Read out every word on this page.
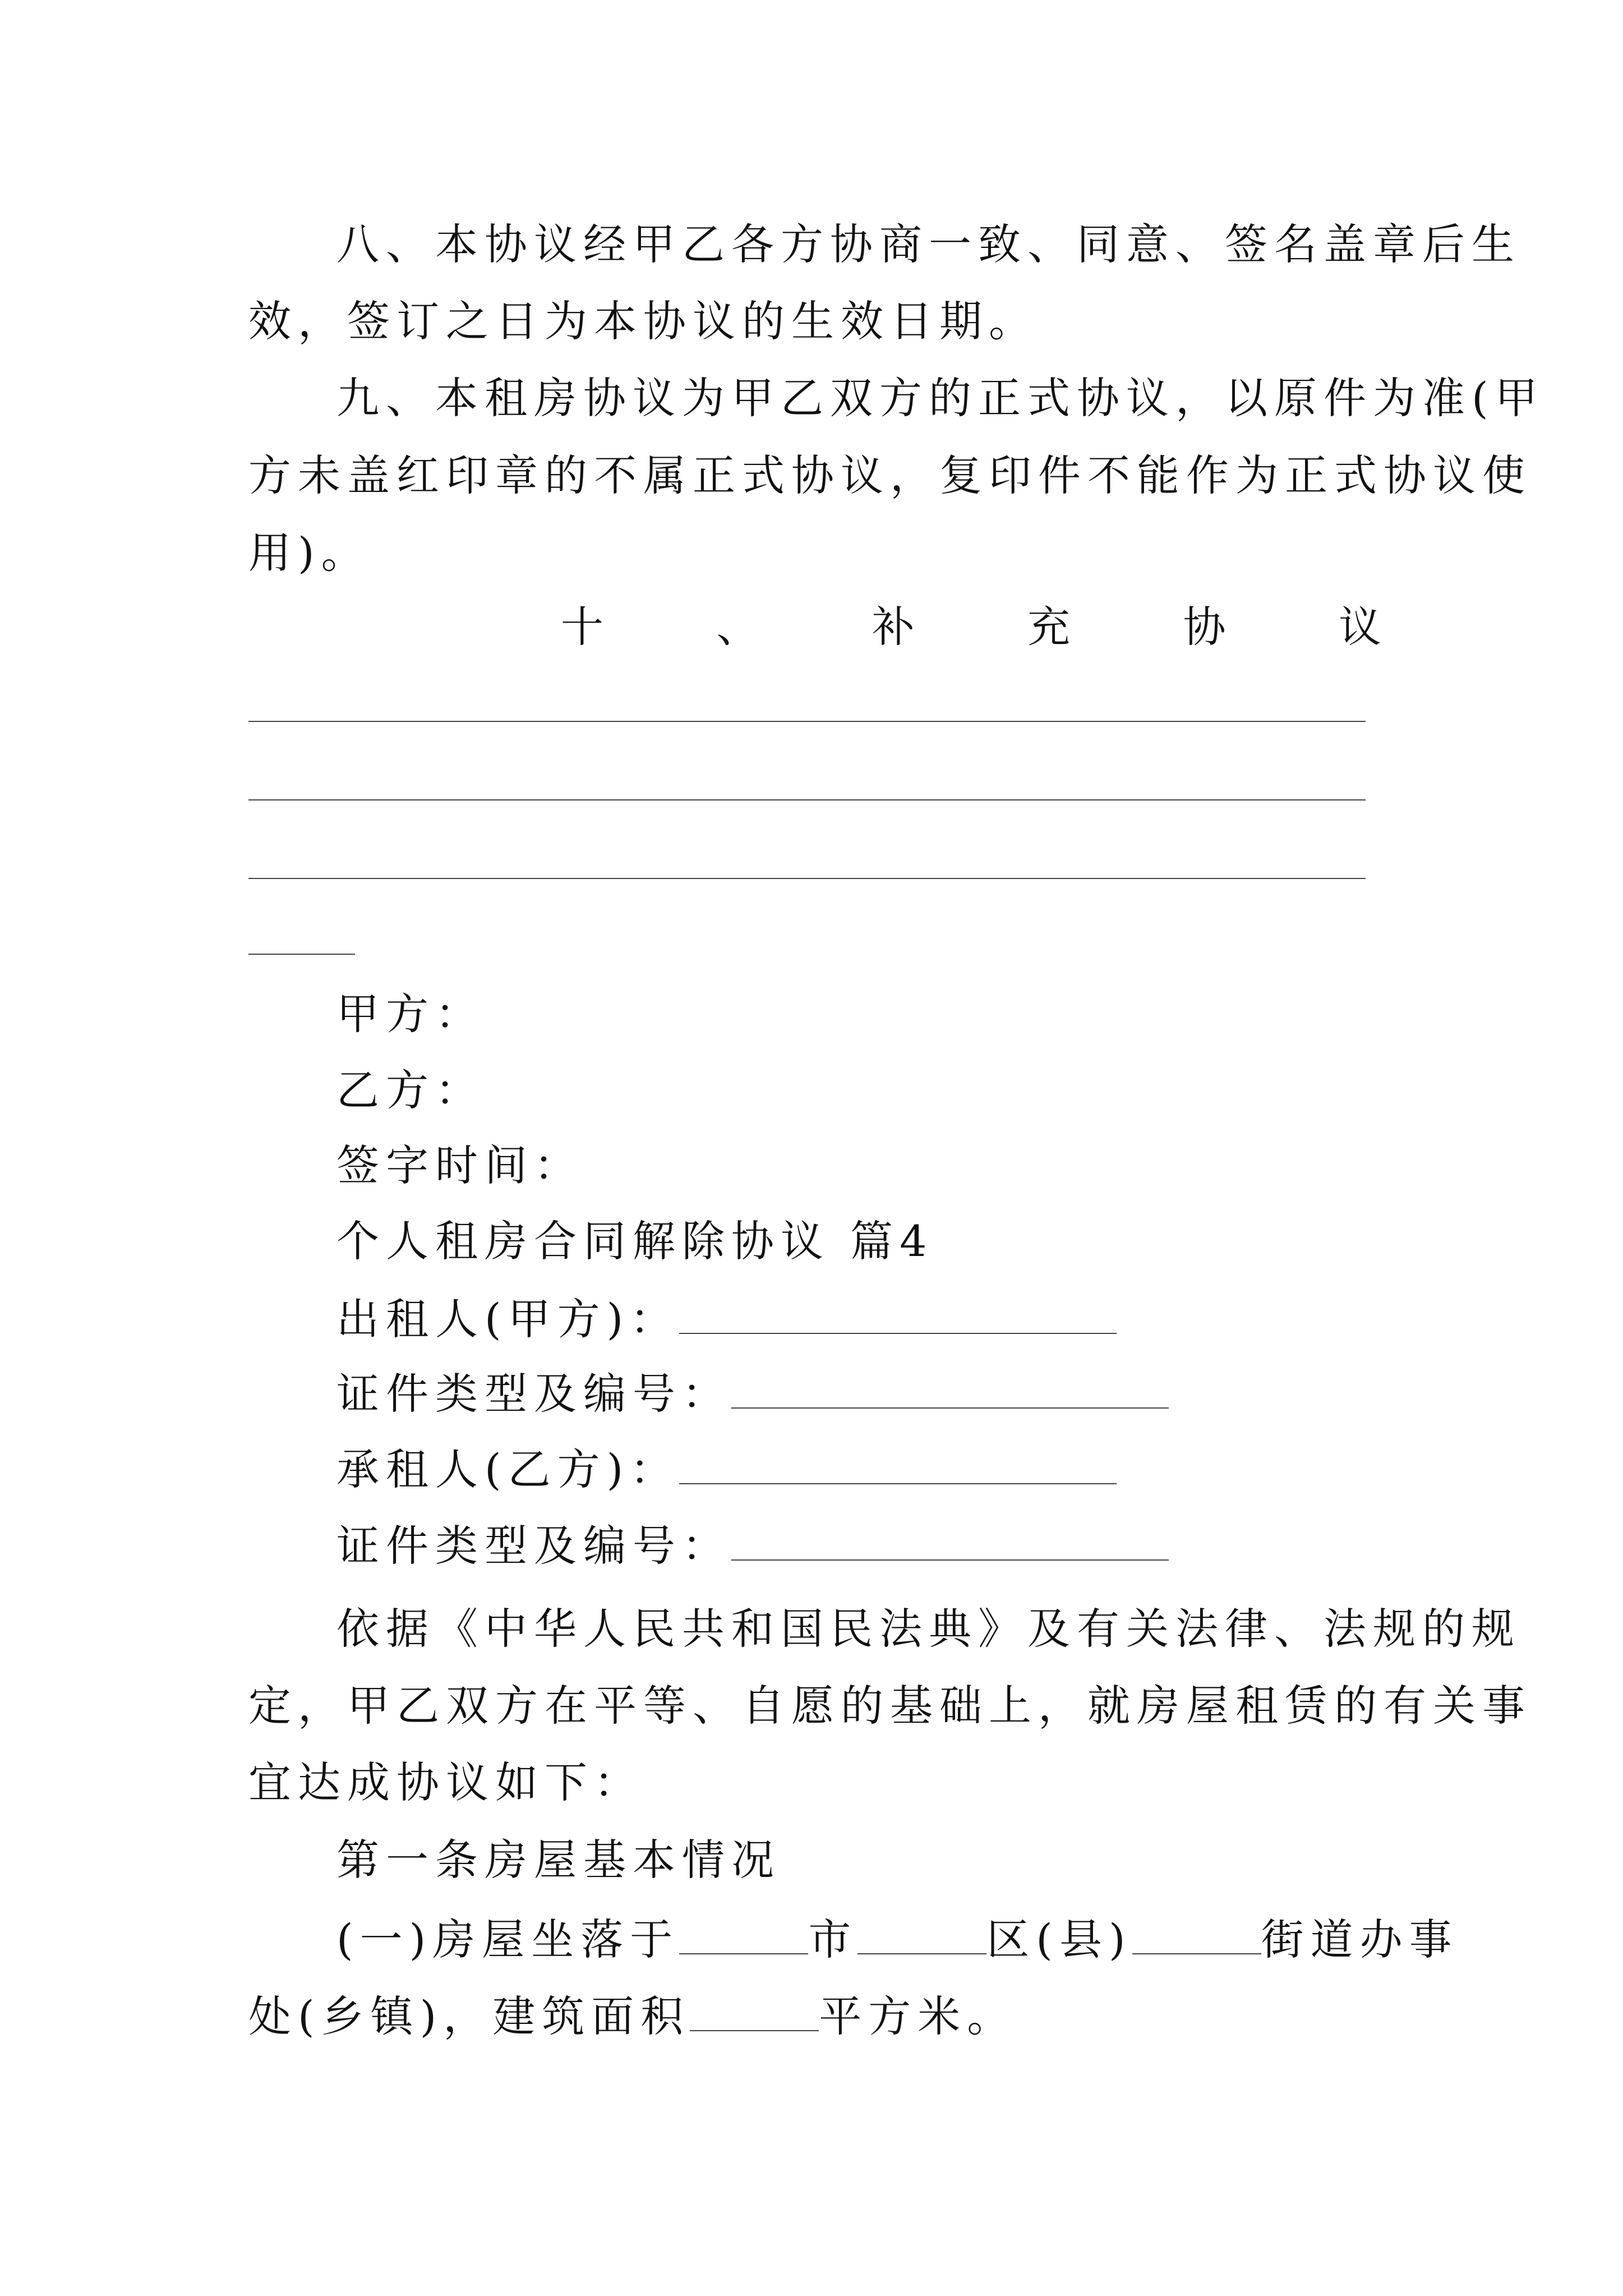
八、本协议经甲乙各方协商一致、同意、签名盖章后生
效，签订之日为本协议的生效日期。
九、本租房协议为甲乙双方的正式协议，以原件为准(甲
方未盖红印章的不属正式协议，复印件不能作为正式协议使
用)。
十	、	补	充	协	议
甲方：
乙方：
签字时间：
个人租房合同解除协议 篇4
出租人(甲方)：
证件类型及编号：
承租人(乙方)：
证件类型及编号：
依据《中华人民共和国民法典》及有关法律、法规的规
定，甲乙双方在平等、自愿的基础上，就房屋租赁的有关事
宜达成协议如下：
第一条房屋基本情况
(一)房屋坐落于	市	区(县)	街道办事
处(乡镇)，建筑面积	平方米。
